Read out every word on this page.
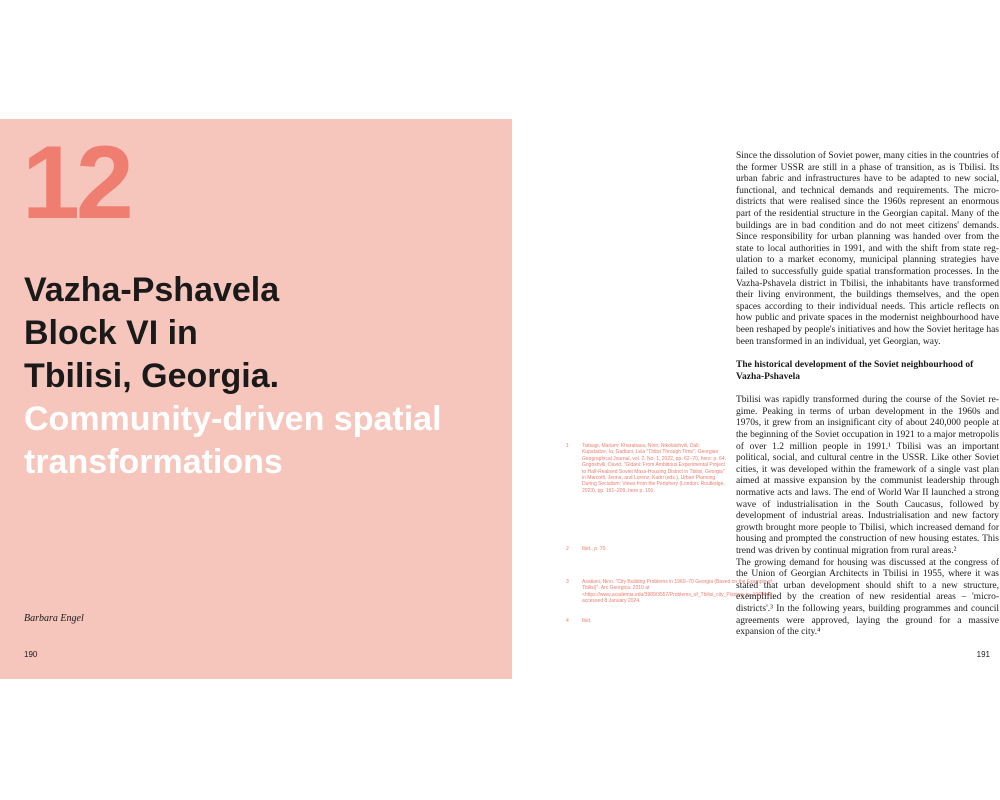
12
Vazha-Pshavela
Block VI in
Tbilisi, Georgia.
Community-driven spatial
transformations
Barbara Engel
190
1	Tsitsagi, Mariam; Kharabava, Nino; Nikolaishvili, Dali; Kupatadze, Ia; Gadiani, Lela "Tbilisi Through Time", Georgian Geographical Journal, vol. 2, No. 1, 2022, pp. 62–70, here: p. 64. Grigoshvili, David. "Gldani: From Ambitious Experimental Project to Half-Realised Soviet Mass-Housing District in Tbilisi, Georgia" in Marcotti, Jenna, and Lorenz, Kadri (eds.), Urban Planning During Socialism: Views from the Periphery (London: Routledge, 2023), pp. 191–209, here p. 191.
2	Ibid., p. 70.
3	Asatiani, Nino. "City Building Problems in 1960–70 Georgia (Based on the Example of Tbilisi)". Arc Georgica. 2010 at <https://www.academia.edu/3989/3557/Problems_of_Tbilisi_city_Planing_in_1960ies>, accessed 8 January 2024.
4	Ibid.

Since the dissolution of Soviet power, many cities in the countries of the former USSR are still in a phase of transition, as is Tbilisi. Its urban fabric and infrastructures have to be adapted to new social, functional, and technical demands and requirements. The microdistricts that were realised since the 1960s represent an enormous part of the residential structure in the Georgian capital. Many of the buildings are in bad condition and do not meet citizens' demands. Since responsibility for urban planning was handed over from the state to local authorities in 1991, and with the shift from state regulation to a market economy, municipal planning strategies have failed to successfully guide spatial transformation processes. In the Vazha-Pshavela district in Tbilisi, the inhabitants have transformed their living environment, the buildings themselves, and the open spaces according to their individual needs. This article reflects on how public and private spaces in the modernist neighbourhood have been reshaped by people's initiatives and how the Soviet heritage has been transformed in an individual, yet Georgian, way.

The historical development of the Soviet neighbourhood of Vazha-Pshavela

Tbilisi was rapidly transformed during the course of the Soviet regime. Peaking in terms of urban development in the 1960s and 1970s, it grew from an insignificant city of about 240,000 people at the beginning of the Soviet occupation in 1921 to a major metropolis of over 1.2 million people in 1991.¹ Tbilisi was an important political, social, and cultural centre in the USSR. Like other Soviet cities, it was developed within the framework of a single vast plan aimed at massive expansion by the communist leadership through normative acts and laws. The end of World War II launched a strong wave of industrialisation in the South Caucasus, followed by development of industrial areas. Industrialisation and new factory growth brought more people to Tbilisi, which increased demand for housing and prompted the construction of new housing estates. This trend was driven by continual migration from rural areas.²

The growing demand for housing was discussed at the congress of the Union of Georgian Architects in Tbilisi in 1955, where it was stated that urban development should shift to a new structure, exemplified by the creation of new residential areas – 'micro-districts'.³ In the following years, building programmes and council agreements were approved, laying the ground for a massive expansion of the city.⁴

191
